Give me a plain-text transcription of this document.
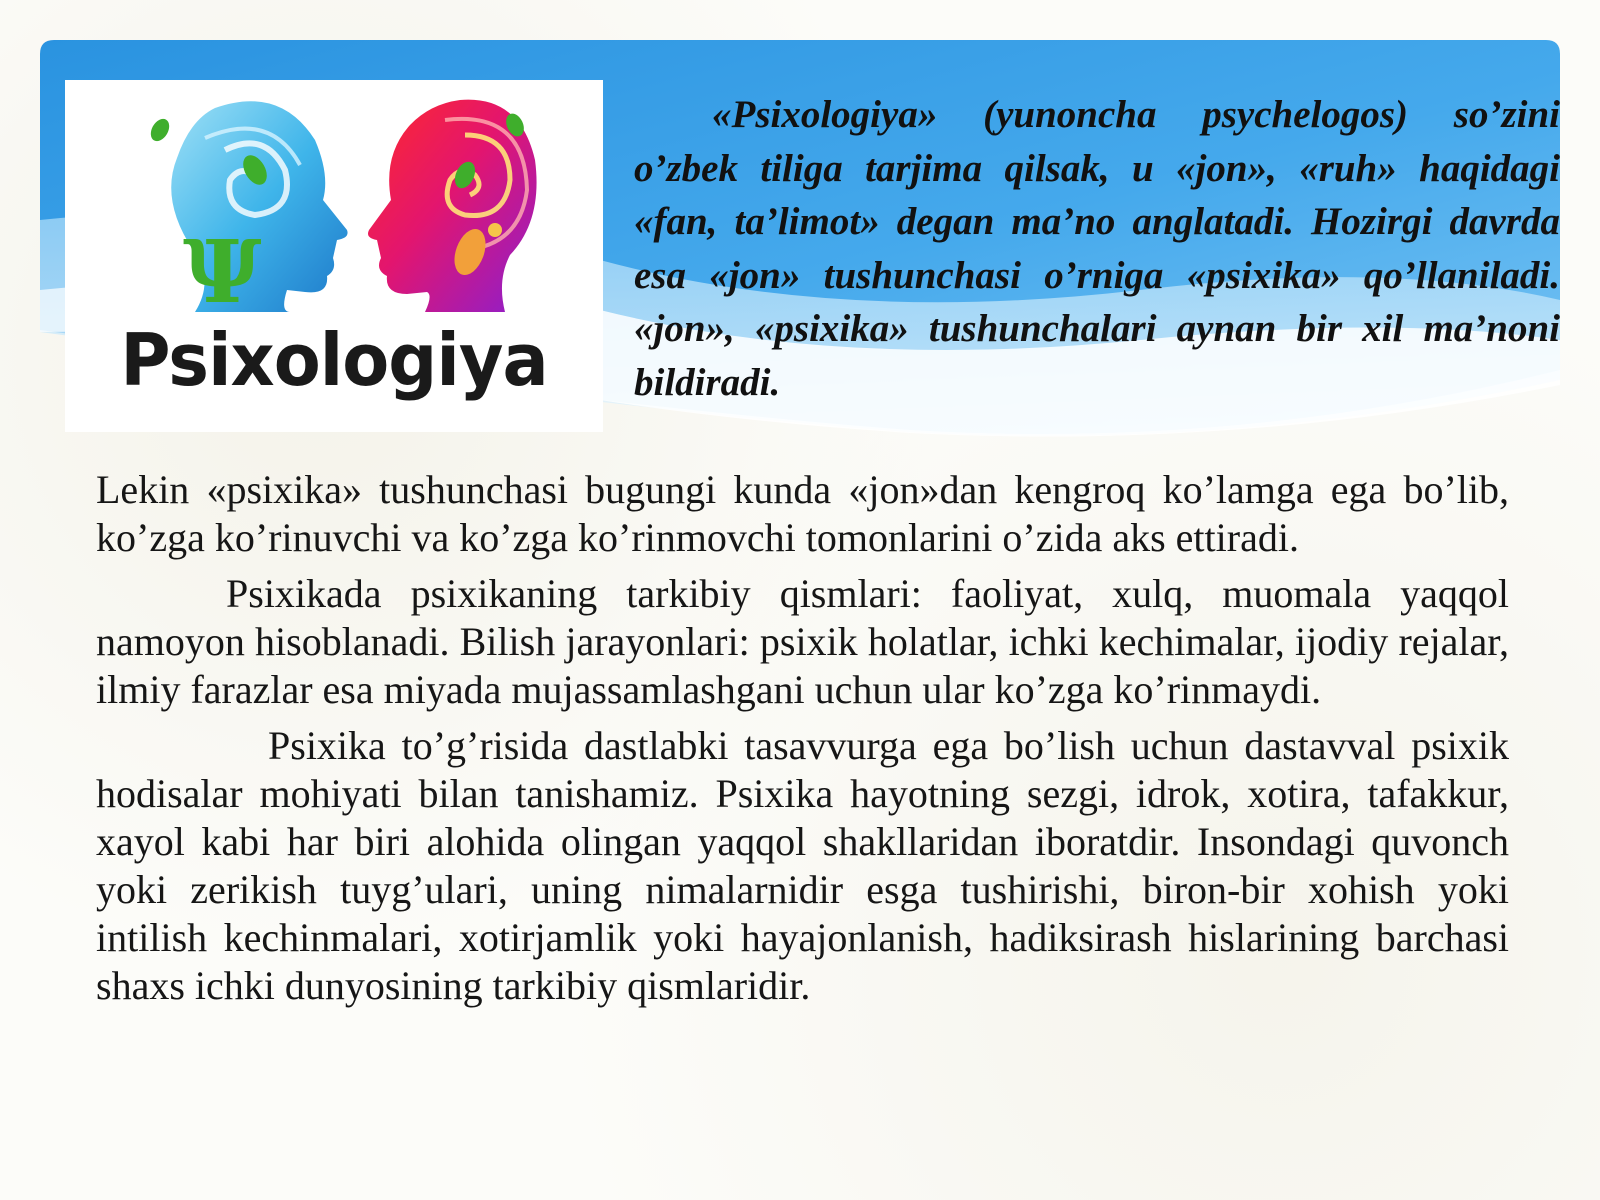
Ψ
Psixologiya
«Psixologiya» (yunoncha psychelogos) so’zini o’zbek tiliga tarjima qilsak, u «jon», «ruh» haqidagi «fan, ta’limot» degan ma’no anglatadi. Hozirgi davrda esa «jon» tushunchasi o’rniga «psixika» qo’llaniladi. «jon», «psixika» tushunchalari aynan bir xil ma’noni bildiradi.

Lekin «psixika» tushunchasi bugungi kunda «jon»dan kengroq ko’lamga ega bo’lib, ko’zga ko’rinuvchi va ko’zga ko’rinmovchi tomonlarini o’zida aks ettiradi.

Psixikada psixikaning tarkibiy qismlari: faoliyat, xulq, muomala yaqqol namoyon hisoblanadi. Bilish jarayonlari: psixik holatlar, ichki kechimalar, ijodiy rejalar, ilmiy farazlar esa miyada mujassamlashgani uchun ular ko’zga ko’rinmaydi.

Psixika to’g’risida dastlabki tasavvurga ega bo’lish uchun dastavval psixik hodisalar mohiyati bilan tanishamiz. Psixika hayotning sezgi, idrok, xotira, tafakkur, xayol kabi har biri alohida olingan yaqqol shakllaridan iboratdir. Insondagi quvonch yoki zerikish tuyg’ulari, uning nimalarnidir esga tushirishi, biron-bir xohish yoki intilish kechinmalari, xotirjamlik yoki hayajonlanish, hadiksirash hislarining barchasi shaxs ichki dunyosining tarkibiy qismlaridir.
